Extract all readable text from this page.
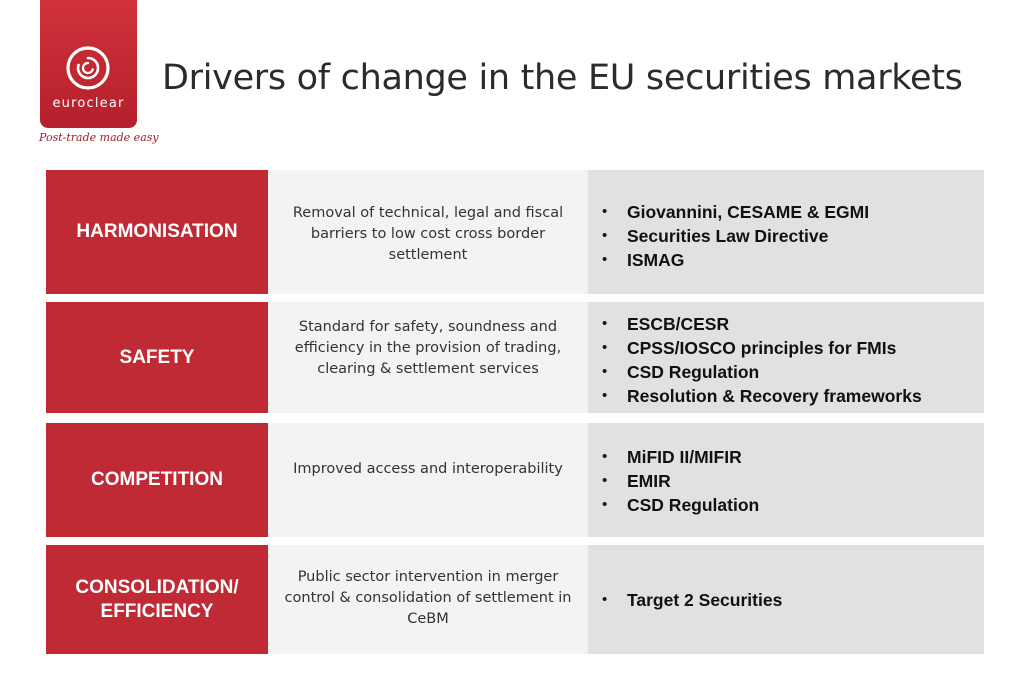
euroclear
Post-trade made easy
Drivers of change in the EU securities markets
HARMONISATION
Removal of technical, legal and fiscal barriers to low cost cross border settlement
• Giovannini, CESAME & EGMI
• Securities Law Directive
• ISMAG
SAFETY
Standard for safety, soundness and efficiency in the provision of trading, clearing & settlement services
• ESCB/CESR
• CPSS/IOSCO principles for FMIs
• CSD Regulation
• Resolution & Recovery frameworks
COMPETITION	Improved access and interoperability
• MiFID II/MIFIR
• EMIR
• CSD Regulation
CONSOLIDATION/
EFFICIENCY
Public sector intervention in merger control & consolidation of settlement in CeBM
• Target 2 Securities
